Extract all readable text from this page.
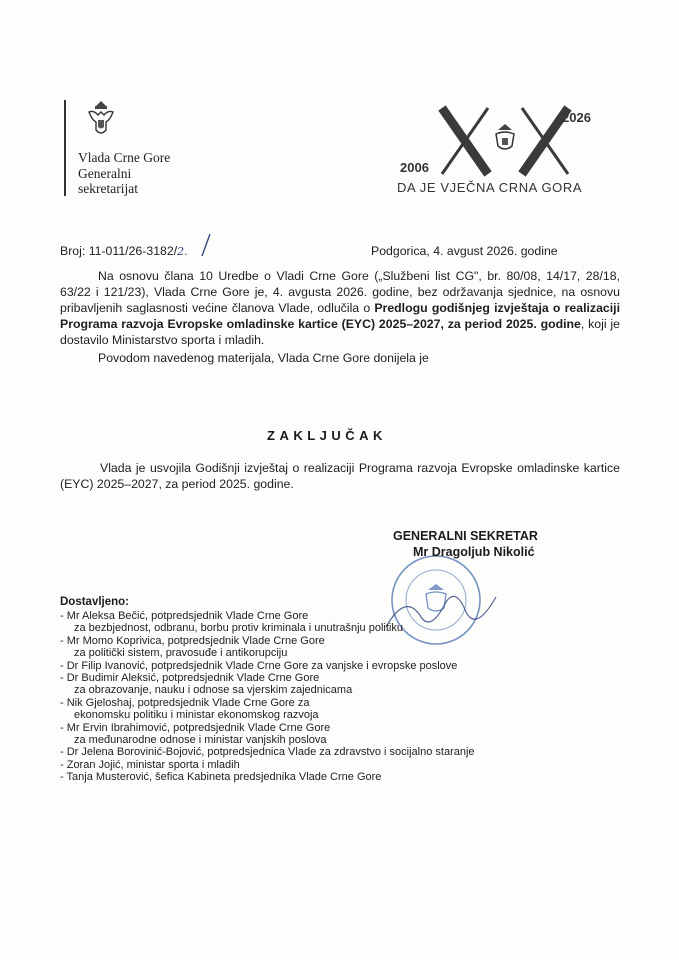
Vlada Crne Gore
Generalni
sekretarijat
2026
2006
DA JE VJEČNA CRNA GORA
Broj: 11-011/26-3182/2.	Podgorica, 4. avgust 2026. godine
Na osnovu člana 10 Uredbe o Vladi Crne Gore („Službeni list CG", br. 80/08, 14/17, 28/18, 63/22 i 121/23), Vlada Crne Gore je, 4. avgusta 2026. godine, bez održavanja sjednice, na osnovu pribavljenih saglasnosti većine članova Vlade, odlučila o Predlogu godišnjeg izvještaja o realizaciji Programa razvoja Evropske omladinske kartice (EYC) 2025–2027, za period 2025. godine, koji je dostavilo Ministarstvo sporta i mladih.
Povodom navedenog materijala, Vlada Crne Gore donijela je
ZAKLJUČAK
Vlada je usvojila Godišnji izvještaj o realizaciji Programa razvoja Evropske omladinske kartice (EYC) 2025–2027, za period 2025. godine.
GENERALNI SEKRETAR
Mr Dragoljub Nikolić
Dostavljeno:
- Mr Aleksa Bečić, potpredsjednik Vlade Crne Gore
za bezbjednost, odbranu, borbu protiv kriminala i unutrašnju politiku
- Mr Momo Koprivica, potpredsjednik Vlade Crne Gore
za politički sistem, pravosuđe i antikorupciju
- Dr Filip Ivanović, potpredsjednik Vlade Crne Gore za vanjske i evropske poslove
- Dr Budimir Aleksić, potpredsjednik Vlade Crne Gore
za obrazovanje, nauku i odnose sa vjerskim zajednicama
- Nik Gjeloshaj, potpredsjednik Vlade Crne Gore za
ekonomsku politiku i ministar ekonomskog razvoja
- Mr Ervin Ibrahimović, potpredsjednik Vlade Crne Gore
za međunarodne odnose i ministar vanjskih poslova
- Dr Jelena Borovinić-Bojović, potpredsjednica Vlade za zdravstvo i socijalno staranje
- Zoran Jojić, ministar sporta i mladih
- Tanja Musterović, šefica Kabineta predsjednika Vlade Crne Gore
